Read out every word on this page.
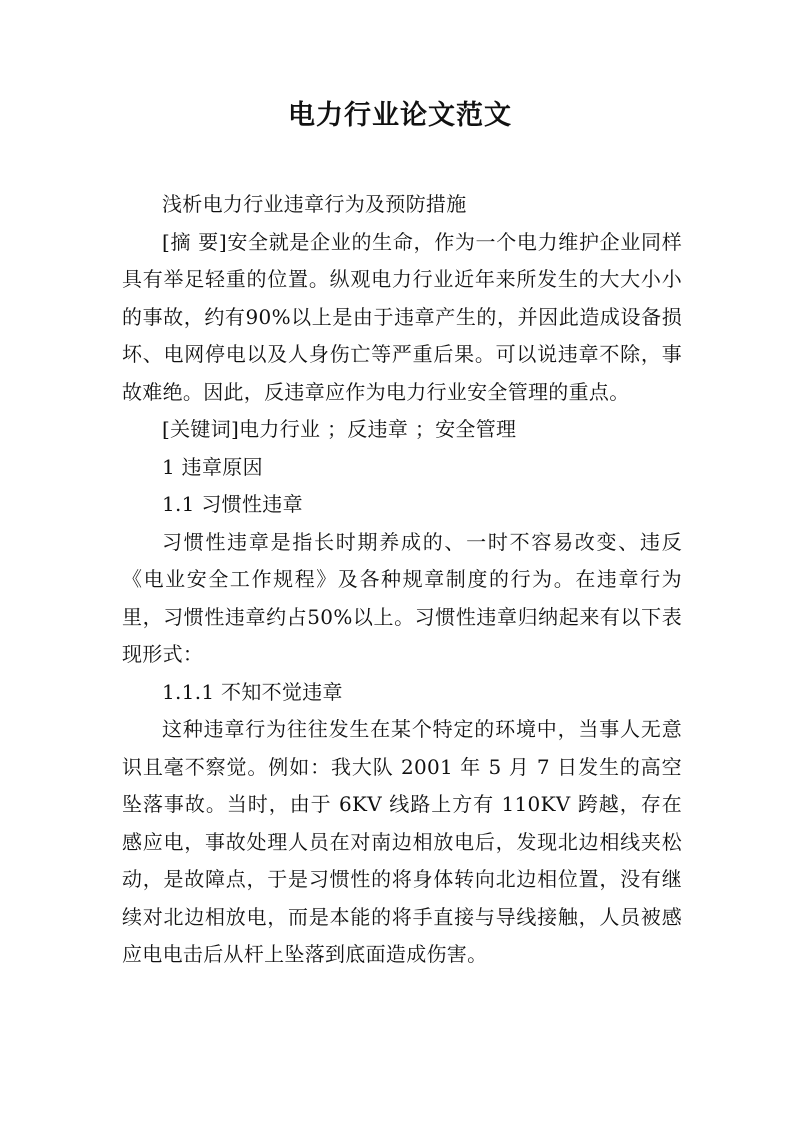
电力行业论文范文

浅析电力行业违章行为及预防措施

[摘 要]安全就是企业的生命，作为一个电力维护企业同样具有举足轻重的位置。纵观电力行业近年来所发生的大大小小的事故，约有90%以上是由于违章产生的，并因此造成设备损坏、电网停电以及人身伤亡等严重后果。可以说违章不除，事故难绝。因此，反违章应作为电力行业安全管理的重点。

[关键词]电力行业 ；反违章 ；安全管理

1 违章原因

1.1 习惯性违章

习惯性违章是指长时期养成的、一时不容易改变、违反《电业安全工作规程》及各种规章制度的行为。在违章行为里，习惯性违章约占50%以上。习惯性违章归纳起来有以下表现形式：

1.1.1 不知不觉违章

这种违章行为往往发生在某个特定的环境中，当事人无意识且毫不察觉。例如：我大队 2001 年 5 月 7 日发生的高空坠落事故。当时，由于 6KV 线路上方有 110KV 跨越，存在感应电，事故处理人员在对南边相放电后，发现北边相线夹松动，是故障点，于是习惯性的将身体转向北边相位置，没有继续对北边相放电，而是本能的将手直接与导线接触，人员被感应电电击后从杆上坠落到底面造成伤害。
